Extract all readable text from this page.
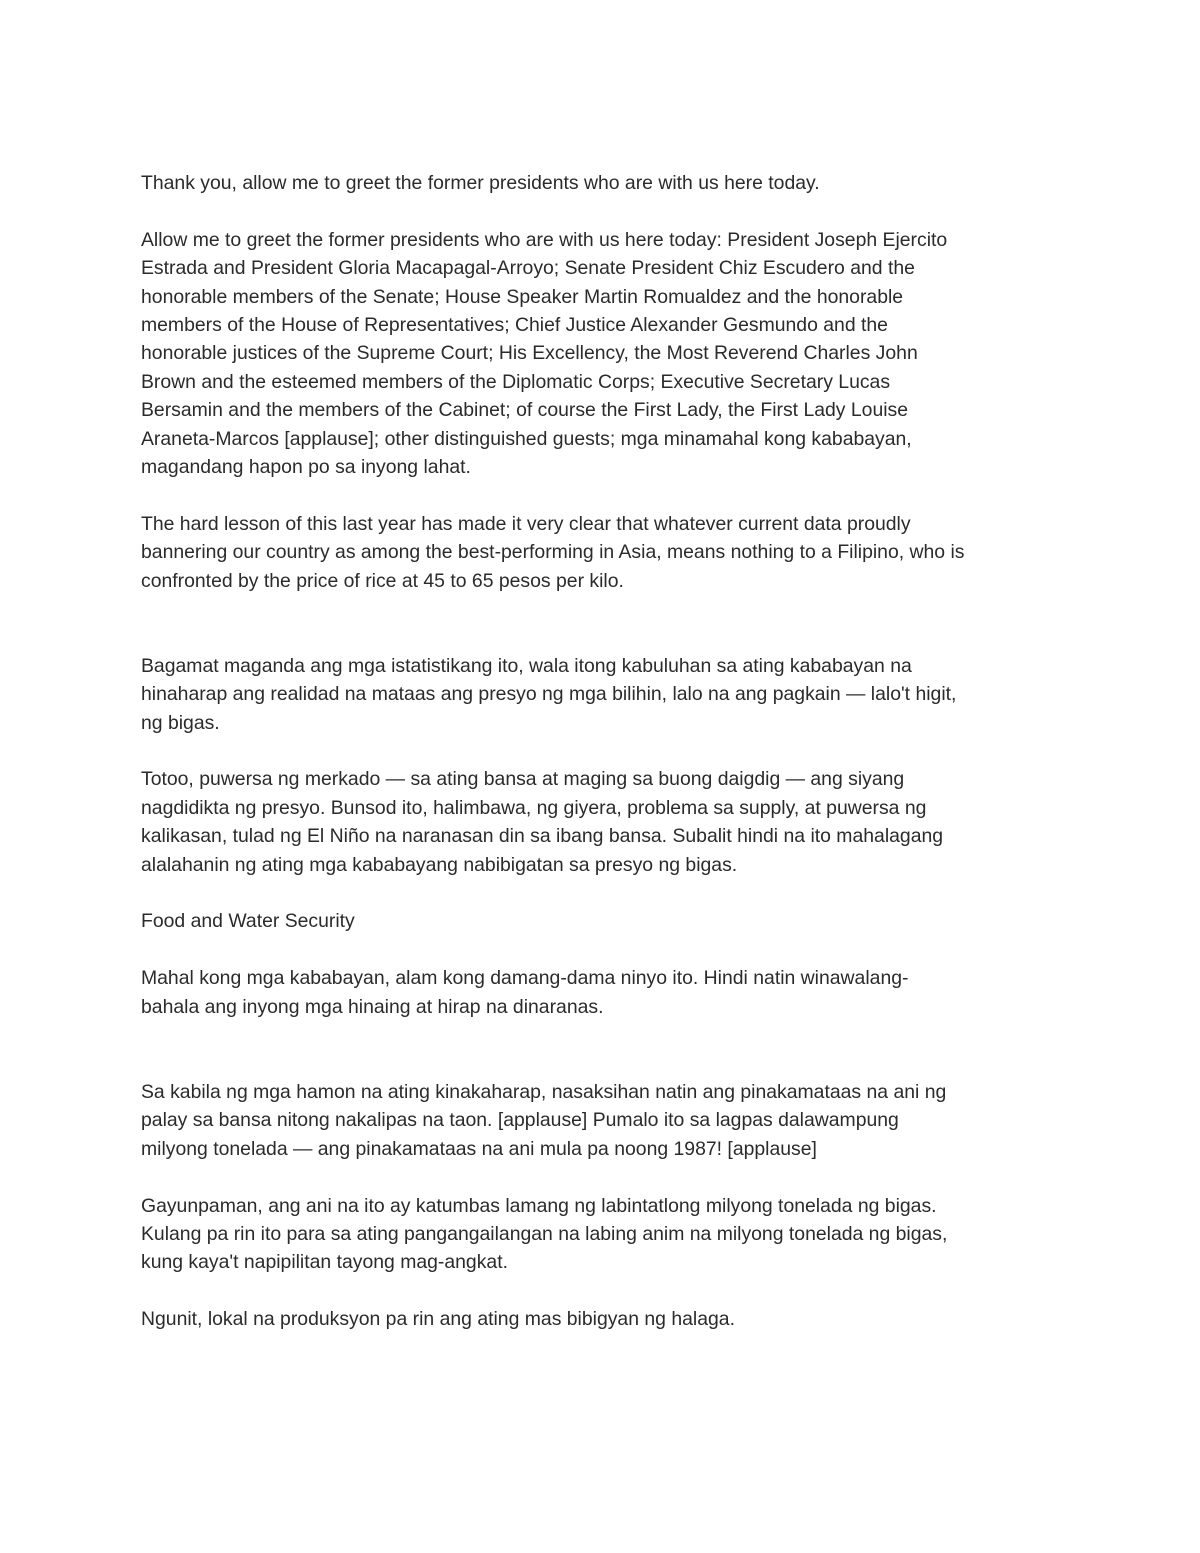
Thank you, allow me to greet the former presidents who are with us here today.

Allow me to greet the former presidents who are with us here today: President Joseph Ejercito
Estrada and President Gloria Macapagal-Arroyo; Senate President Chiz Escudero and the
honorable members of the Senate; House Speaker Martin Romualdez and the honorable
members of the House of Representatives; Chief Justice Alexander Gesmundo and the
honorable justices of the Supreme Court; His Excellency, the Most Reverend Charles John
Brown and the esteemed members of the Diplomatic Corps; Executive Secretary Lucas
Bersamin and the members of the Cabinet; of course the First Lady, the First Lady Louise
Araneta-Marcos [applause]; other distinguished guests; mga minamahal kong kababayan,
magandang hapon po sa inyong lahat.

The hard lesson of this last year has made it very clear that whatever current data proudly
bannering our country as among the best-performing in Asia, means nothing to a Filipino, who is
confronted by the price of rice at 45 to 65 pesos per kilo.

Bagamat maganda ang mga istatistikang ito, wala itong kabuluhan sa ating kababayan na
hinaharap ang realidad na mataas ang presyo ng mga bilihin, lalo na ang pagkain — lalo't higit,
ng bigas.

Totoo, puwersa ng merkado — sa ating bansa at maging sa buong daigdig — ang siyang
nagdidikta ng presyo. Bunsod ito, halimbawa, ng giyera, problema sa supply, at puwersa ng
kalikasan, tulad ng El Niño na naranasan din sa ibang bansa. Subalit hindi na ito mahalagang
alalahanin ng ating mga kababayang nabibigatan sa presyo ng bigas.

Food and Water Security

Mahal kong mga kababayan, alam kong damang-dama ninyo ito. Hindi natin winawalang-
bahala ang inyong mga hinaing at hirap na dinaranas.

Sa kabila ng mga hamon na ating kinakaharap, nasaksihan natin ang pinakamataas na ani ng
palay sa bansa nitong nakalipas na taon. [applause] Pumalo ito sa lagpas dalawampung
milyong tonelada — ang pinakamataas na ani mula pa noong 1987! [applause]

Gayunpaman, ang ani na ito ay katumbas lamang ng labintatlong milyong tonelada ng bigas.
Kulang pa rin ito para sa ating pangangailangan na labing anim na milyong tonelada ng bigas,
kung kaya't napipilitan tayong mag-angkat.

Ngunit, lokal na produksyon pa rin ang ating mas bibigyan ng halaga.
